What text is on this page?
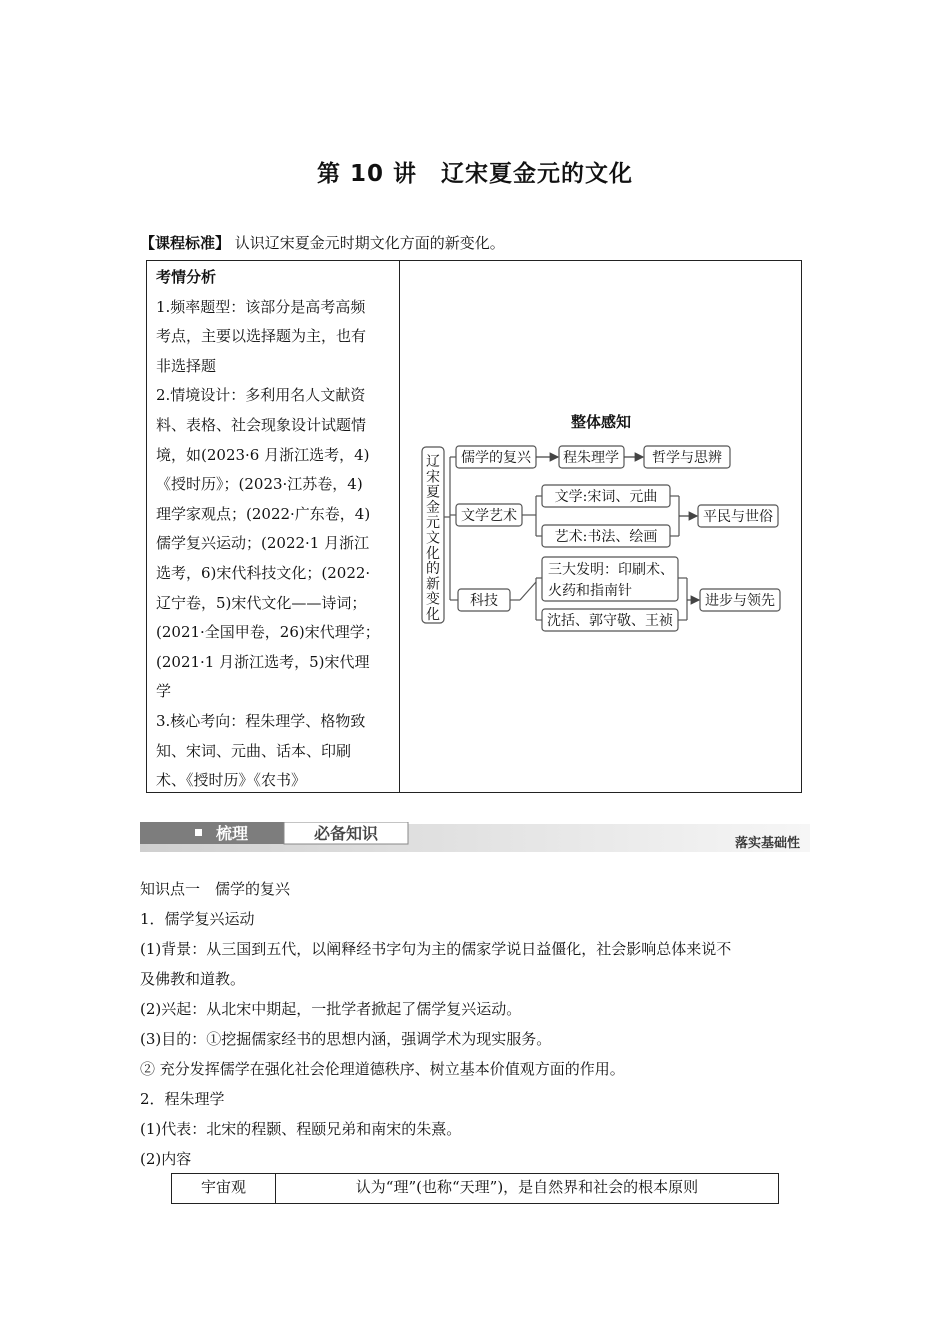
第 10 讲　辽宋夏金元的文化
【课程标准】 认识辽宋夏金元时期文化方面的新变化。
考情分析
1.频率题型：该部分是高考高频
考点，主要以选择题为主，也有
非选择题
2.情境设计：多利用名人文献资
料、表格、社会现象设计试题情
境，如(2023·6 月浙江选考，4)
《授时历》；(2023·江苏卷，4)
理学家观点；(2022·广东卷，4)
儒学复兴运动；(2022·1 月浙江
选考，6)宋代科技文化；(2022·
辽宁卷，5)宋代文化——诗词；
(2021·全国甲卷，26)宋代理学；
(2021·1 月浙江选考，5)宋代理
学
3.核心考向：程朱理学、格物致
知、宋词、元曲、话本、印刷
术、《授时历》《农书》
整体感知
辽
宋
夏
金
元
文
化
的
新
变
化
儒学的复兴 程朱理学 哲学与思辨
文学艺术
文学:宋词、元曲
艺术:书法、绘画
平民与世俗
科技
三大发明：印刷术、
火药和指南针
沈括、郭守敬、王祯
进步与领先
梳理	必备知识
落实基础性

知识点一　儒学的复兴

1．儒学复兴运动

(1)背景：从三国到五代，以阐释经书字句为主的儒家学说日益僵化，社会影响总体来说不

及佛教和道教。

(2)兴起：从北宋中期起，一批学者掀起了儒学复兴运动。

(3)目的：①挖掘儒家经书的思想内涵，强调学术为现实服务。

② 充分发挥儒学在强化社会伦理道德秩序、树立基本价值观方面的作用。

2．程朱理学

(1)代表：北宋的程颢、程颐兄弟和南宋的朱熹。

(2)内容

宇宙观	认为“理”(也称“天理”)，是自然界和社会的根本原则
